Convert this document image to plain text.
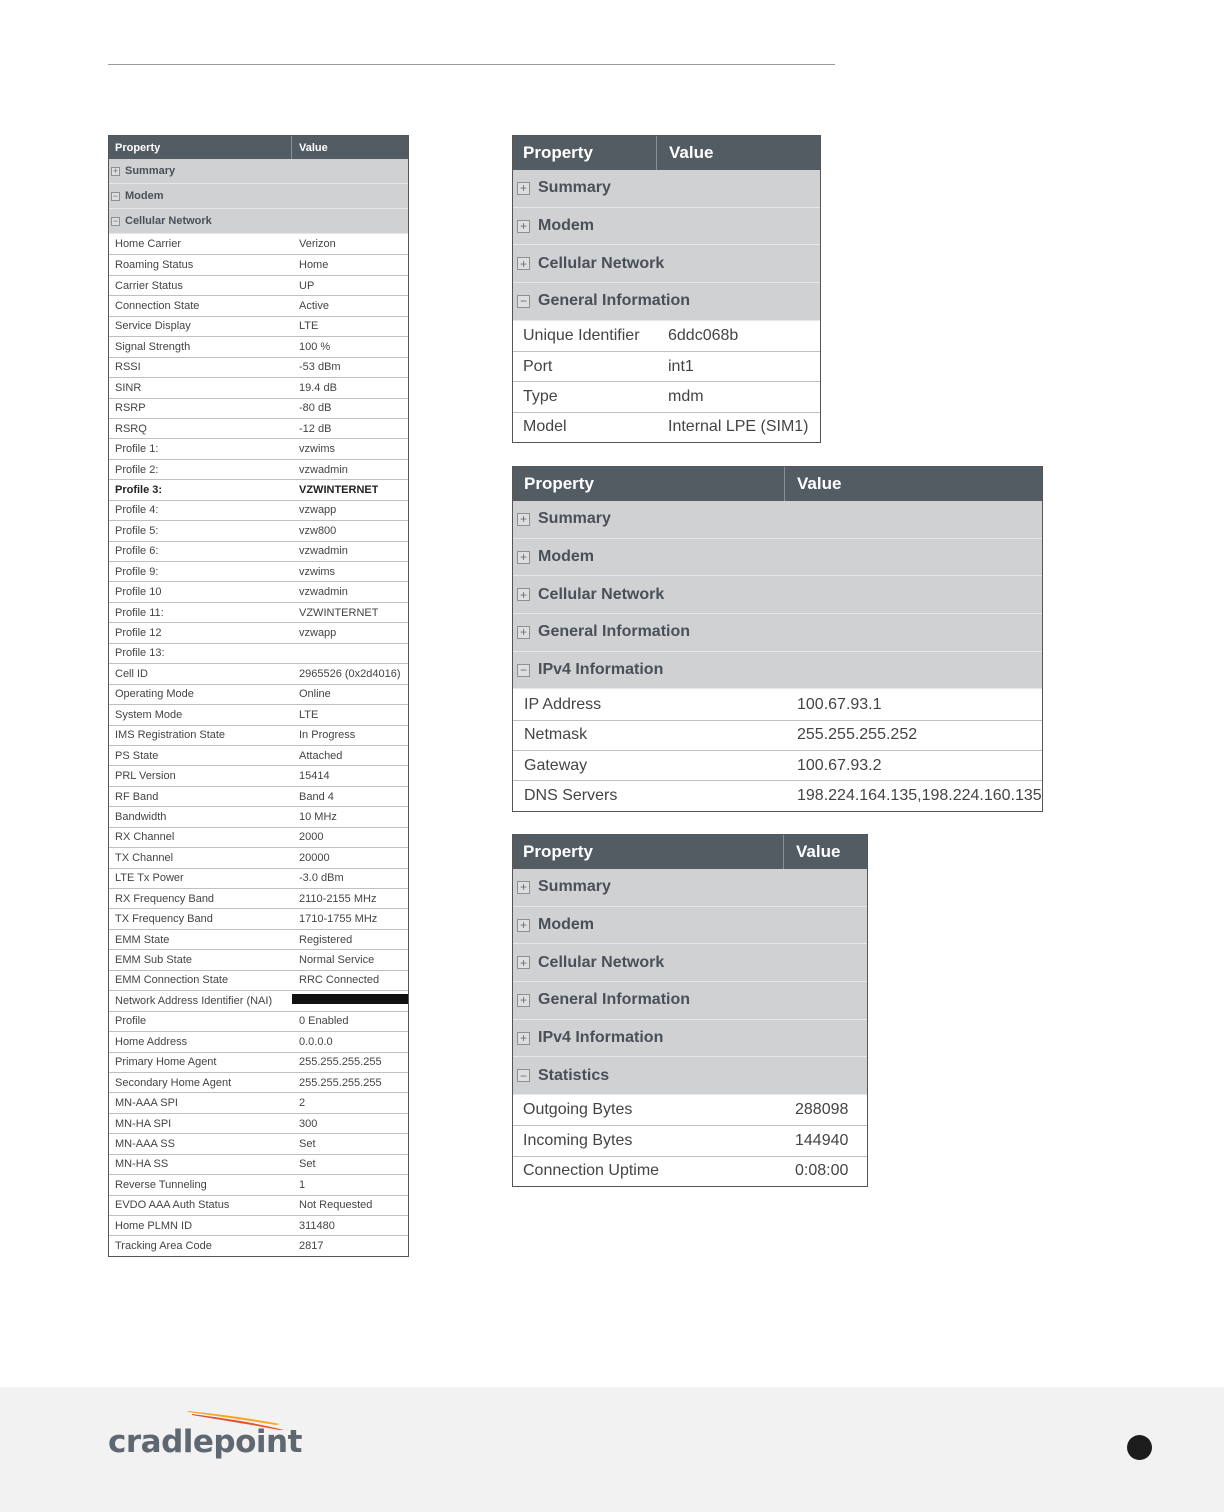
Property	Value
+ Summary
− Modem
− Cellular Network
Home Carrier	Verizon
Roaming Status	Home
Carrier Status	UP
Connection State	Active
Service Display	LTE
Signal Strength	100 %
RSSI	-53 dBm
SINR	19.4 dB
RSRP	-80 dB
RSRQ	-12 dB
Profile 1:	vzwims
Profile 2:	vzwadmin
Profile 3:	VZWINTERNET
Profile 4:	vzwapp
Profile 5:	vzw800
Profile 6:	vzwadmin
Profile 9:	vzwims
Profile 10	vzwadmin
Profile 11:	VZWINTERNET
Profile 12	vzwapp
Profile 13:
Cell ID	2965526 (0x2d4016)
Operating Mode	Online
System Mode	LTE
IMS Registration State	In Progress
PS State	Attached
PRL Version	15414
RF Band	Band 4
Bandwidth	10 MHz
RX Channel	2000
TX Channel	20000
LTE Tx Power	-3.0 dBm
RX Frequency Band	2110-2155 MHz
TX Frequency Band	1710-1755 MHz
EMM State	Registered
EMM Sub State	Normal Service
EMM Connection State	RRC Connected
Network Address Identifier (NAI)
Profile	0 Enabled
Home Address	0.0.0.0
Primary Home Agent	255.255.255.255
Secondary Home Agent	255.255.255.255
MN-AAA SPI	2
MN-HA SPI	300
MN-AAA SS	Set
MN-HA SS	Set
Reverse Tunneling	1
EVDO AAA Auth Status	Not Requested
Home PLMN ID	311480
Tracking Area Code	2817
Property	Value
+ Summary
+ Modem
+ Cellular Network
− General Information
Unique Identifier	6ddc068b
Port	int1
Type	mdm
Model	Internal LPE (SIM1)
Property	Value
+ Summary
+ Modem
+ Cellular Network
+ General Information
− IPv4 Information
IP Address	100.67.93.1
Netmask	255.255.255.252
Gateway	100.67.93.2
DNS Servers	198.224.164.135,198.224.160.135
Property	Value
+ Summary
+ Modem
+ Cellular Network
+ General Information
+ IPv4 Information
− Statistics
Outgoing Bytes	288098
Incoming Bytes	144940
Connection Uptime	0:08:00
cradlepoint
